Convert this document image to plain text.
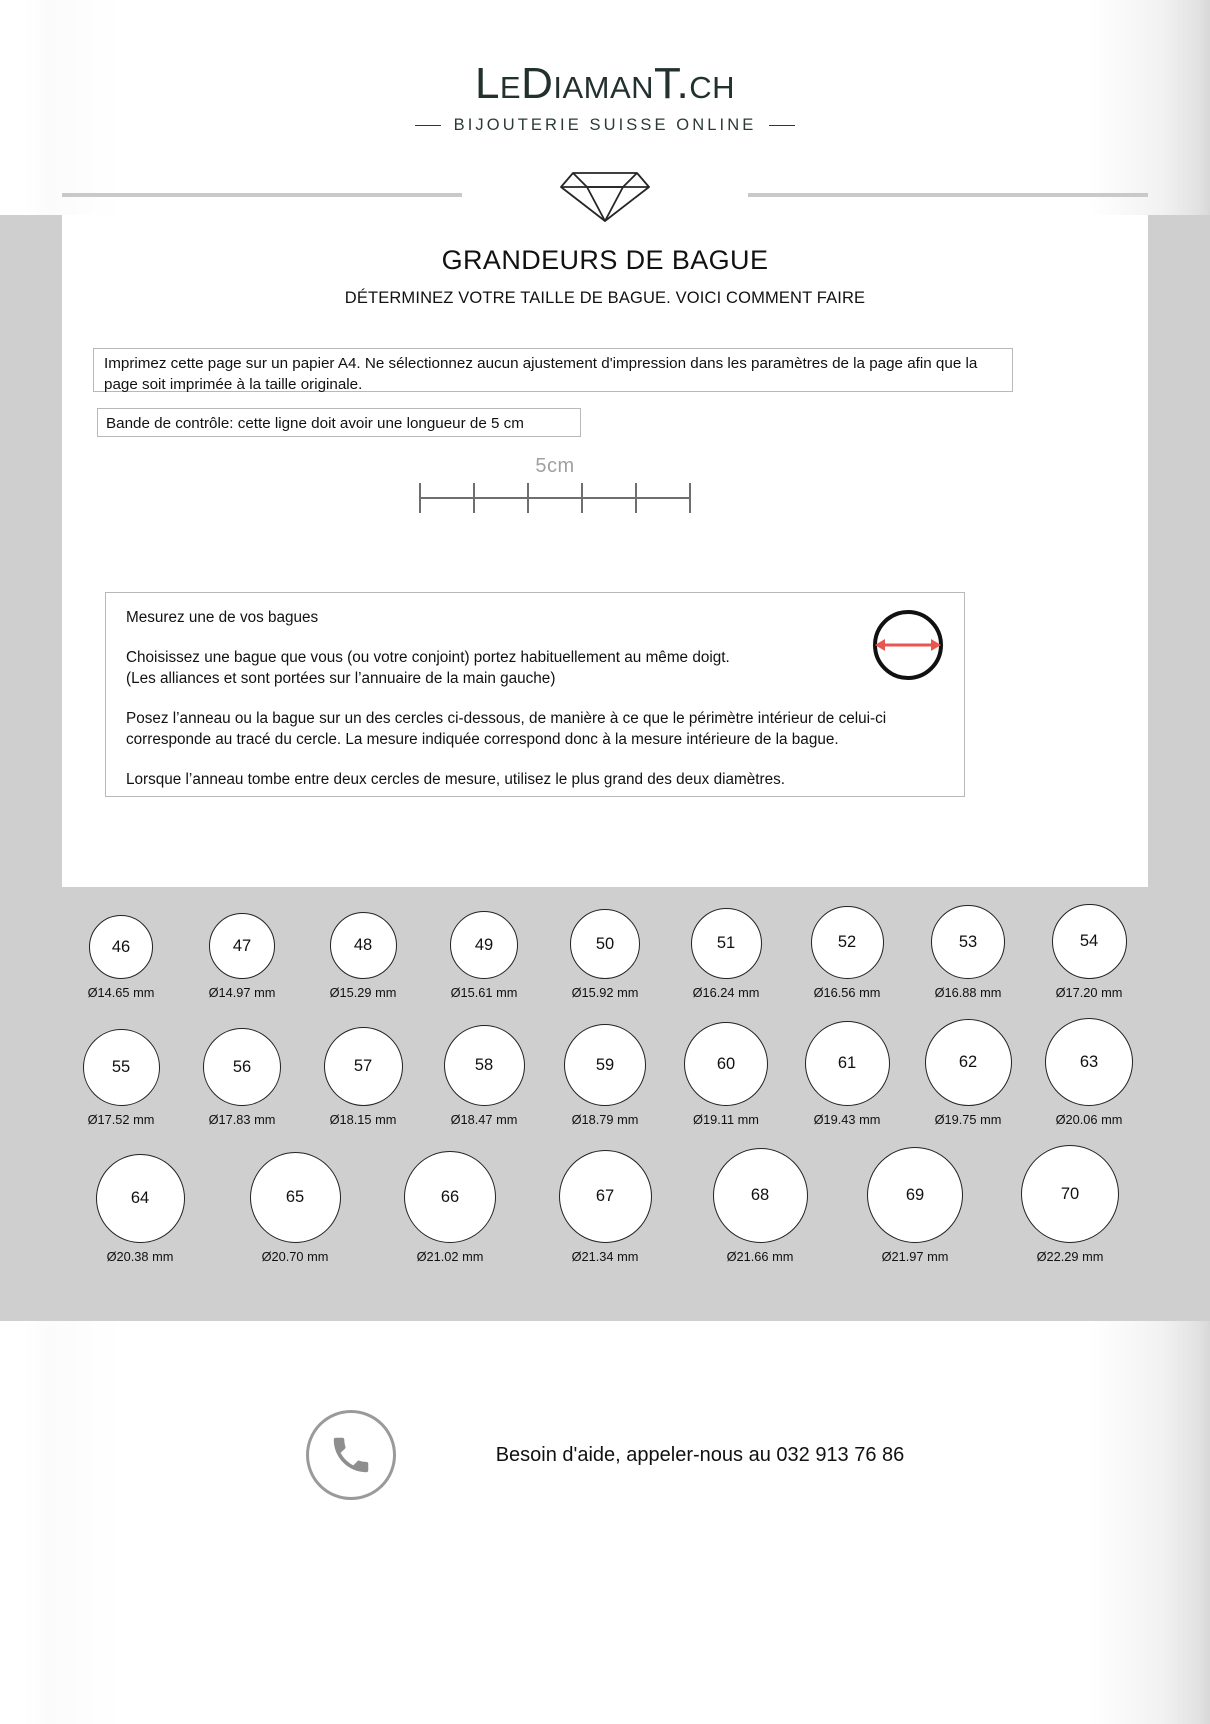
LeDiamanT.ch
BIJOUTERIE SUISSE ONLINE
GRANDEURS DE BAGUE
DÉTERMINEZ VOTRE TAILLE DE BAGUE. VOICI COMMENT FAIRE
Imprimez cette page sur un papier A4. Ne sélectionnez aucun ajustement d'impression dans les paramètres de la page afin que la page soit imprimée à la taille originale.
Bande de contrôle: cette ligne doit avoir une longueur de 5 cm
5cm

Mesurez une de vos bagues

Choisissez une bague que vous (ou votre conjoint) portez habituellement au même doigt.

(Les alliances et sont portées sur l’annuaire de la main gauche)

Posez l’anneau ou la bague sur un des cercles ci-dessous, de manière à ce que le périmètre intérieur de celui-ci

corresponde au tracé du cercle. La mesure indiquée correspond donc à la mesure intérieure de la bague.

Lorsque l’anneau tombe entre deux cercles de mesure, utilisez le plus grand des deux diamètres.

46
Ø14.65 mm
47
Ø14.97 mm
48
Ø15.29 mm
49
Ø15.61 mm
50
Ø15.92 mm
51
Ø16.24 mm
52
Ø16.56 mm
53
Ø16.88 mm
54
Ø17.20 mm
55
Ø17.52 mm
56
Ø17.83 mm
57
Ø18.15 mm
58
Ø18.47 mm
59
Ø18.79 mm
60
Ø19.11 mm
61
Ø19.43 mm
62
Ø19.75 mm
63
Ø20.06 mm
64
Ø20.38 mm
65
Ø20.70 mm
66
Ø21.02 mm
67
Ø21.34 mm
68
Ø21.66 mm
69
Ø21.97 mm
70
Ø22.29 mm
Besoin d'aide, appeler-nous au 032 913 76 86
